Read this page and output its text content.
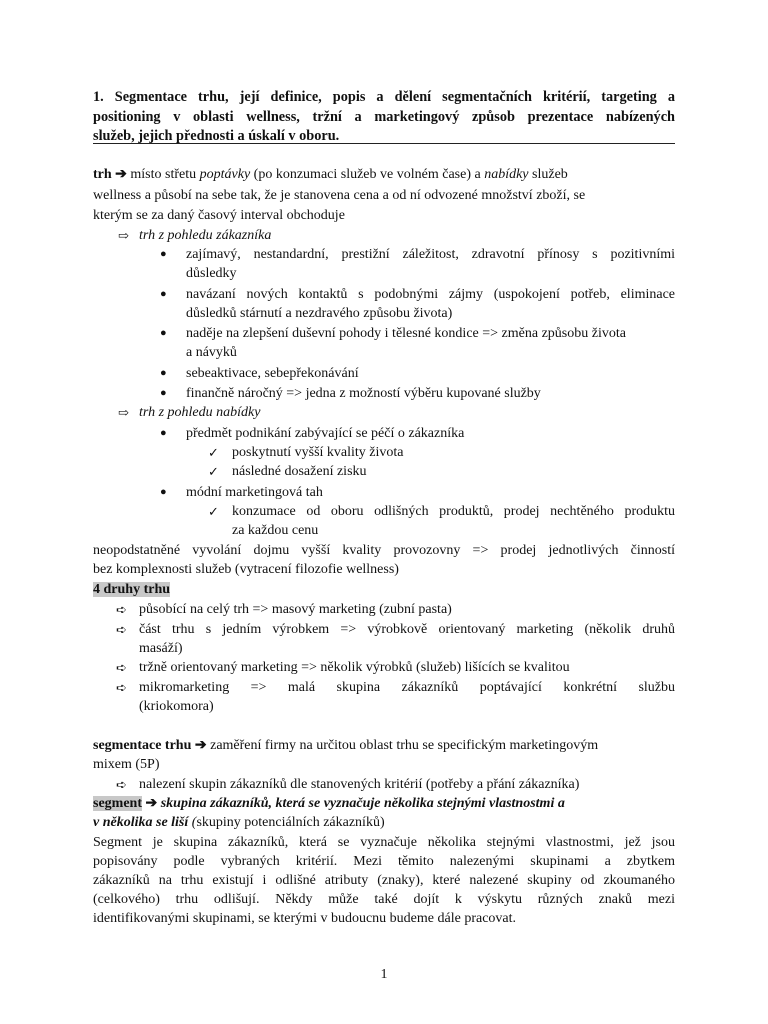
1. Segmentace trhu, její definice, popis a dělení segmentačních kritérií, targeting a

positioning v oblasti wellness, tržní a marketingový způsob prezentace nabízených

služeb, jejich přednosti a úskalí v oboru.

trh ➔ místo střetu poptávky (po konzumaci služeb ve volném čase) a nabídky služeb
wellness a působí na sebe tak, že je stanovena cena a od ní odvozené množství zboží, se
kterým se za daný časový interval obchoduje
⇨ trh z pohledu zákazníka
● zajímavý, nestandardní, prestižní záležitost, zdravotní přínosy s pozitivními
důsledky
● navázaní nových kontaktů s podobnými zájmy (uspokojení potřeb, eliminace
důsledků stárnutí a nezdravého způsobu života)
● naděje na zlepšení duševní pohody i tělesné kondice => změna způsobu života
a návyků
● sebeaktivace, sebepřekonávání
● finančně náročný => jedna z možností výběru kupované služby
⇨ trh z pohledu nabídky
● předmět podnikání zabývající se péčí o zákazníka
✓ poskytnutí vyšší kvality života
✓ následné dosažení zisku
● módní marketingová tah
✓ konzumace od oboru odlišných produktů, prodej nechtěného produktu
za každou cenu
neopodstatněné vyvolání dojmu vyšší kvality provozovny => prodej jednotlivých činností
bez komplexnosti služeb (vytracení filozofie wellness)
4 druhy trhu
➪ působící na celý trh => masový marketing (zubní pasta)
➪ část trhu s jedním výrobkem => výrobkově orientovaný marketing (několik druhů
masáží)
➪ tržně orientovaný marketing => několik výrobků (služeb) lišících se kvalitou
➪ mikromarketing => malá skupina zákazníků poptávající konkrétní službu
(kriokomora)
segmentace trhu ➔ zaměření firmy na určitou oblast trhu se specifickým marketingovým
mixem (5P)
➪ nalezení skupin zákazníků dle stanovených kritérií (potřeby a přání zákazníka)
segment ➔ skupina zákazníků, která se vyznačuje několika stejnými vlastnostmi a
v několika se liší (skupiny potenciálních zákazníků)
Segment je skupina zákazníků, která se vyznačuje několika stejnými vlastnostmi, jež jsou
popisovány podle vybraných kritérií. Mezi těmito nalezenými skupinami a zbytkem
zákazníků na trhu existují i odlišné atributy (znaky), které nalezené skupiny od zkoumaného
(celkového) trhu odlišují. Někdy může také dojít k výskytu různých znaků mezi
identifikovanými skupinami, se kterými v budoucnu budeme dále pracovat.
1
